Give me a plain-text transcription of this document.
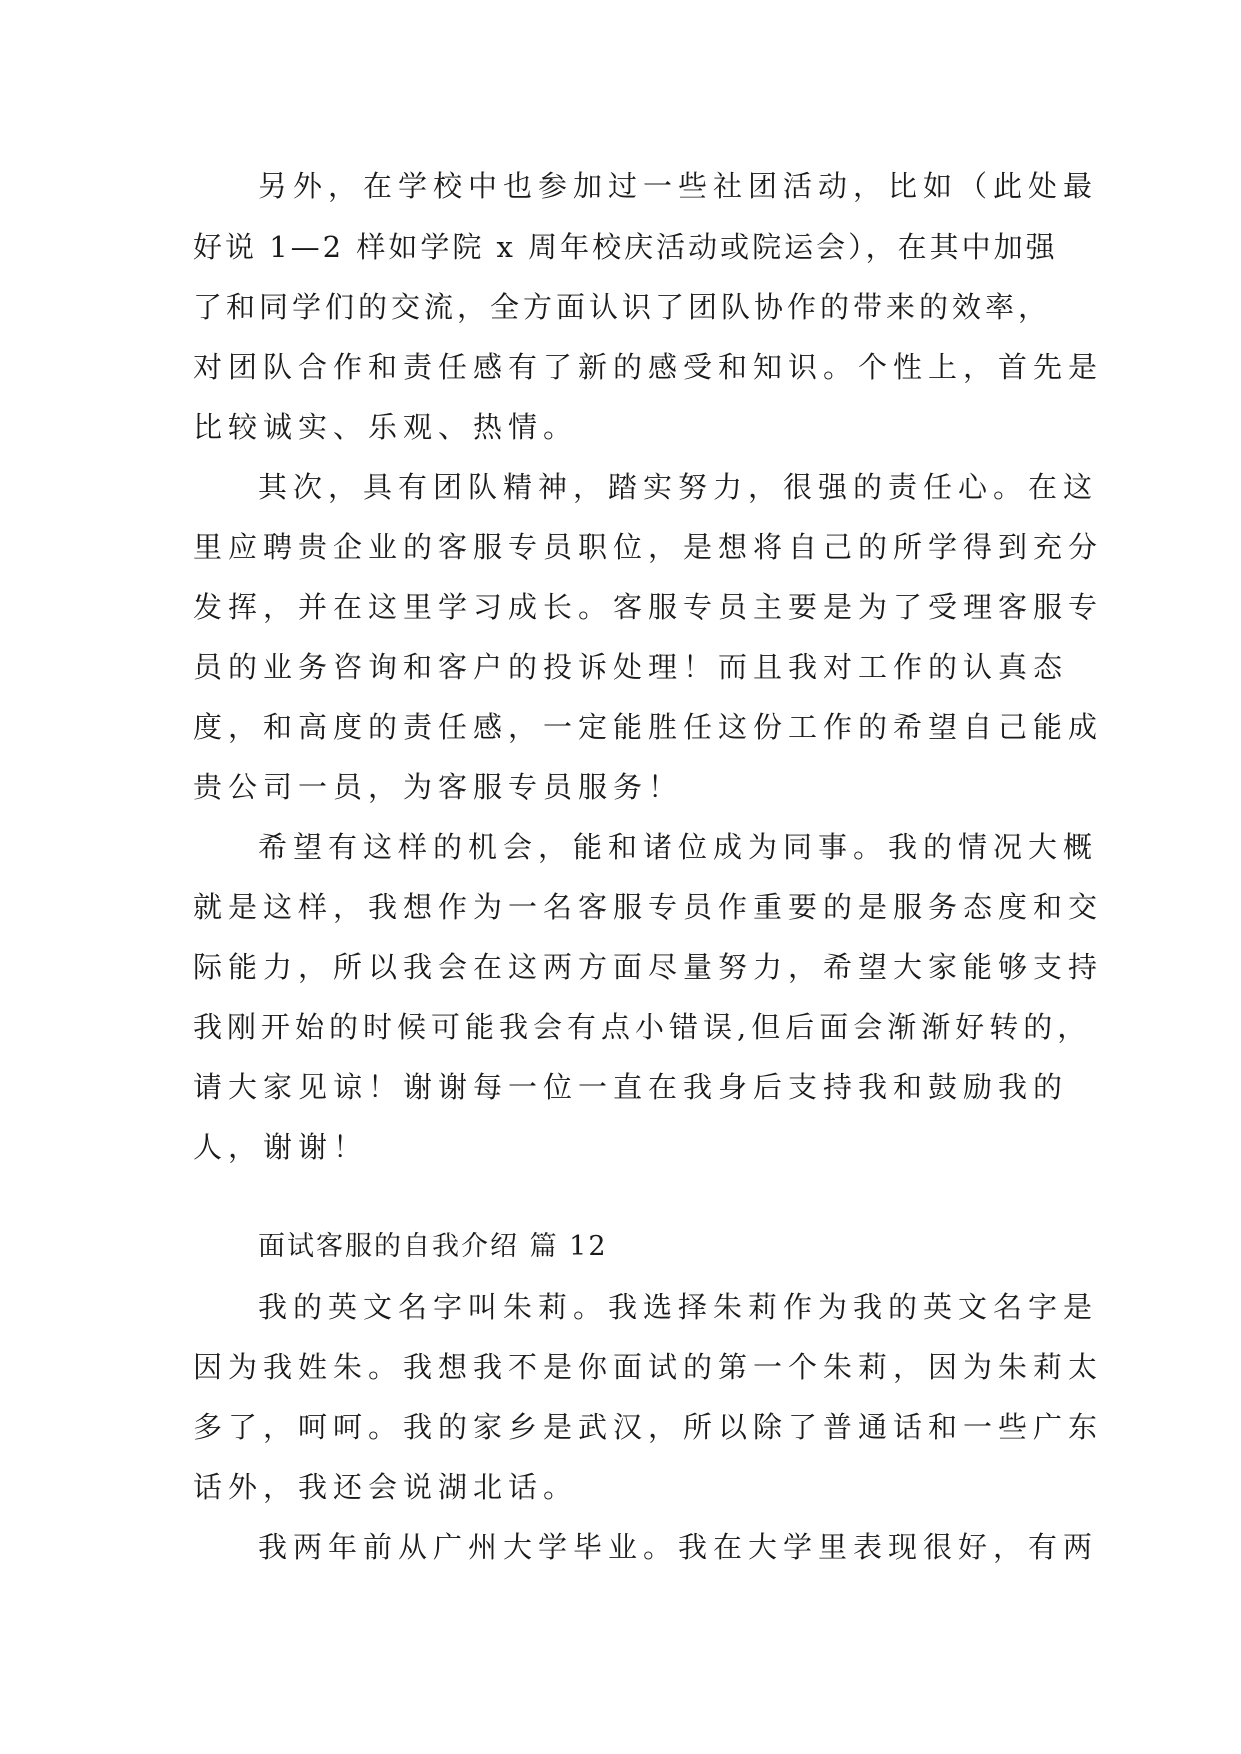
另外，在学校中也参加过一些社团活动，比如（此处最
好说 1—2 样如学院 x 周年校庆活动或院运会），在其中加强
了和同学们的交流，全方面认识了团队协作的带来的效率，
对团队合作和责任感有了新的感受和知识。个性上，首先是
比较诚实、乐观、热情。
其次，具有团队精神，踏实努力，很强的责任心。在这
里应聘贵企业的客服专员职位，是想将自己的所学得到充分
发挥，并在这里学习成长。客服专员主要是为了受理客服专
员的业务咨询和客户的投诉处理！而且我对工作的认真态
度，和高度的责任感，一定能胜任这份工作的希望自己能成
贵公司一员，为客服专员服务！
希望有这样的机会，能和诸位成为同事。我的情况大概
就是这样，我想作为一名客服专员作重要的是服务态度和交
际能力，所以我会在这两方面尽量努力，希望大家能够支持
我刚开始的时候可能我会有点小错误,但后面会渐渐好转的，
请大家见谅！谢谢每一位一直在我身后支持我和鼓励我的
人，谢谢！
面试客服的自我介绍 篇 12
我的英文名字叫朱莉。我选择朱莉作为我的英文名字是
因为我姓朱。我想我不是你面试的第一个朱莉，因为朱莉太
多了，呵呵。我的家乡是武汉，所以除了普通话和一些广东
话外，我还会说湖北话。
我两年前从广州大学毕业。我在大学里表现很好，有两
